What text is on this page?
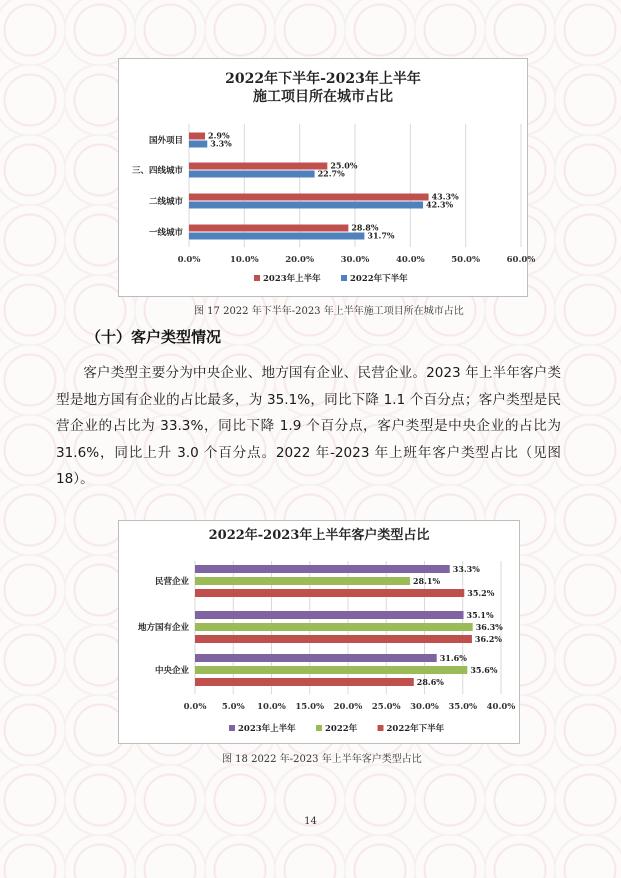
2022年下半年-2023年上半年
施工项目所在城市占比
0.0%	10.0%	20.0%	30.0%	40.0%	50.0%	60.0%
国外项目
2.9%
3.3%
三、四线城市
25.0%
22.7%
二线城市
43.3%
42.3%
一线城市
28.8%
31.7%
2023年上半年	2022年下半年
图 17 2022 年下半年-2023 年上半年施工项目所在城市占比
（十）客户类型情况
客户类型主要分为中央企业、地方国有企业、民营企业。2023 年上半年客户类型是地方国有企业的占比最多，为 35.1%，同比下降 1.1 个百分点；客户类型是民营企业的占比为 33.3%，同比下降 1.9 个百分点，客户类型是中央企业的占比为 31.6%，同比上升 3.0 个百分点。2022 年-2023 年上班年客户类型占比（见图 18）。
2022年-2023年上半年客户类型占比
0.0% 5.0% 10.0% 15.0% 20.0% 25.0% 30.0% 35.0% 40.0%
民营企业
33.3%
28.1%
35.2%
地方国有企业
35.1%
36.3%
36.2%
中央企业
31.6%
35.6%
28.6%
2023年上半年	2022年	2022年下半年
图 18 2022 年-2023 年上半年客户类型占比
14
